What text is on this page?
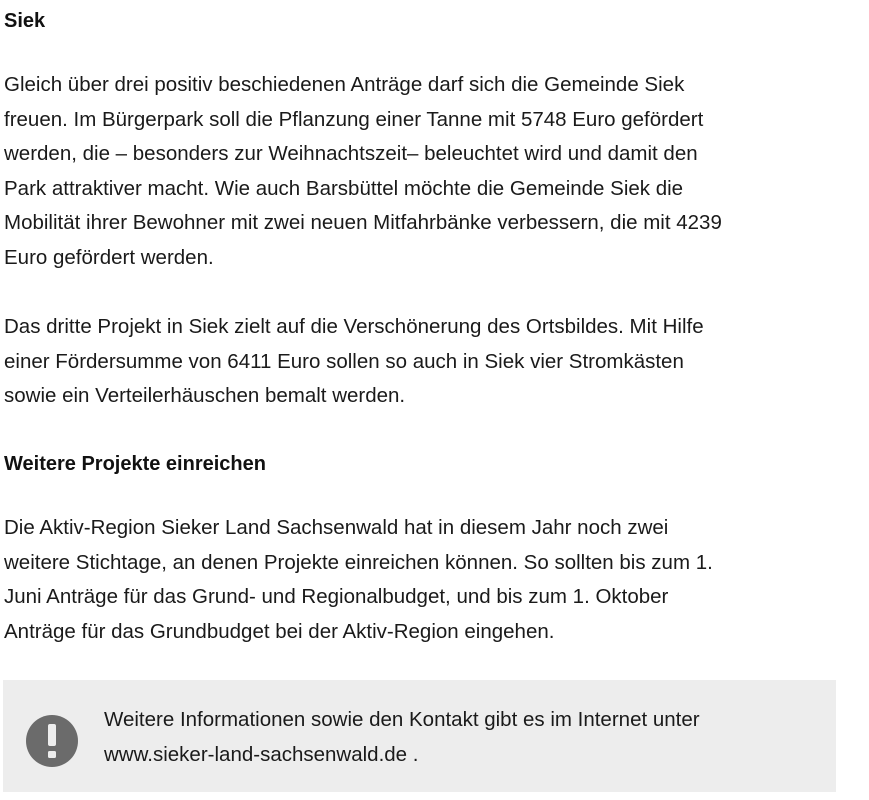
Siek

Gleich über drei positiv beschiedenen Anträge darf sich die Gemeinde Siek
freuen. Im Bürgerpark soll die Pflanzung einer Tanne mit 5748 Euro gefördert
werden, die – besonders zur Weihnachtszeit– beleuchtet wird und damit den
Park attraktiver macht. Wie auch Barsbüttel möchte die Gemeinde Siek die
Mobilität ihrer Bewohner mit zwei neuen Mitfahrbänke verbessern, die mit 4239
Euro gefördert werden.

Das dritte Projekt in Siek zielt auf die Verschönerung des Ortsbildes. Mit Hilfe
einer Fördersumme von 6411 Euro sollen so auch in Siek vier Stromkästen
sowie ein Verteilerhäuschen bemalt werden.

Weitere Projekte einreichen

Die Aktiv-Region Sieker Land Sachsenwald hat in diesem Jahr noch zwei
weitere Stichtage, an denen Projekte einreichen können. So sollten bis zum 1.
Juni Anträge für das Grund- und Regionalbudget, und bis zum 1. Oktober
Anträge für das Grundbudget bei der Aktiv-Region eingehen.

Weitere Informationen sowie den Kontakt gibt es im Internet unter
www.sieker-land-sachsenwald.de .
